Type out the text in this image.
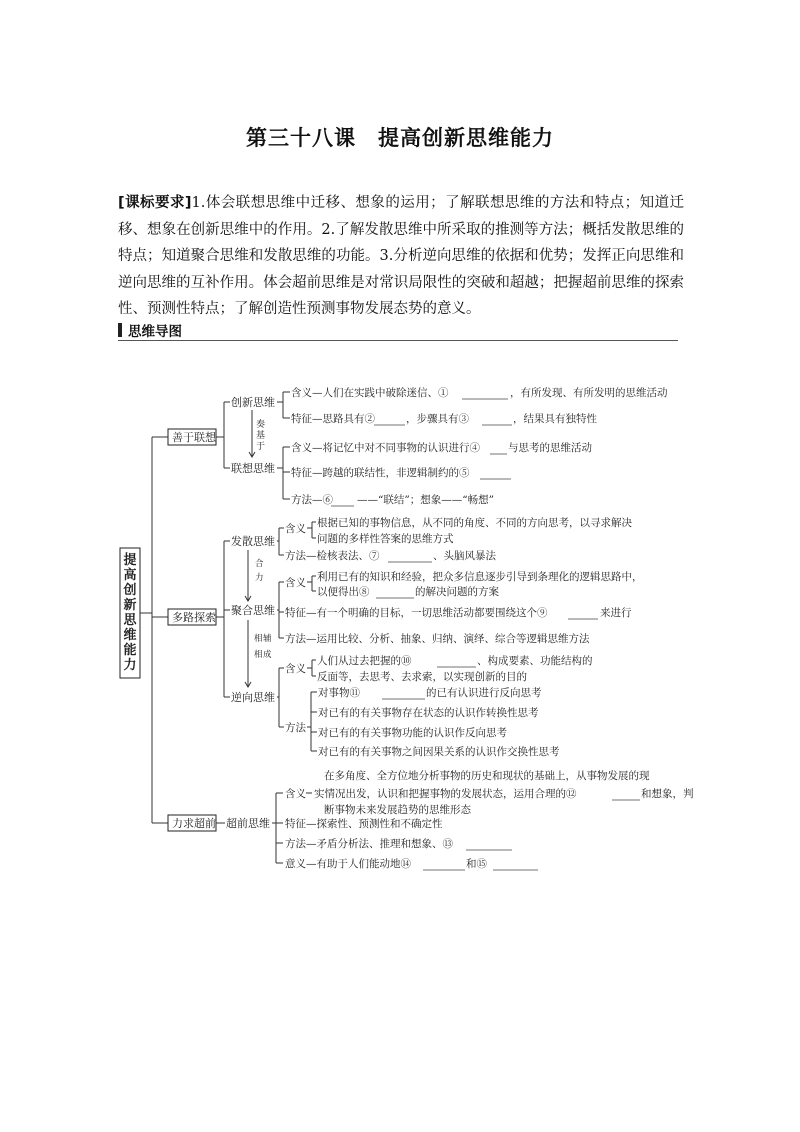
第三十八课　提高创新思维能力
[课标要求]1.体会联想思维中迁移、想象的运用；了解联想思维的方法和特点；知道迁移、想象在创新思维中的作用。2.了解发散思维中所采取的推测等方法；概括发散思维的特点；知道聚合思维和发散思维的功能。3.分析逆向思维的依据和优势；发挥正向思维和逆向思维的互补作用。体会超前思维是对常识局限性的突破和超越；把握超前思维的探索性、预测性特点；了解创造性预测事物发展态势的意义。
思维导图
提
高
创
新
思
维
能
力
善于联想
多路探索
力求超前
创新思维
联想思维
奏
基
于
含义—人们在实践中破除迷信、①	，有所发现、有所发明的思维活动
特征—思路具有②	，步骤具有③	，结果具有独特性
含义—将记忆中对不同事物的认识进行④	与思考的思维活动
特征—跨越的联结性，非逻辑制约的⑤
方法—⑥ ——“联结”；想象——“畅想”
发散思维
聚合思维
逆向思维
合
力
相 辅
相 成
含义 根据已知的事物信息，从不同的角度、不同的方向思考，以寻求解决
问题的多样性答案的思维方式
方法—检核表法、⑦	、头脑风暴法
含义 利用已有的知识和经验，把众多信息逐步引导到条理化的逻辑思路中，
以便得出⑧	的解决问题的方案
特征—有一个明确的目标，一切思维活动都要围绕这个⑨	来进行
方法—运用比较、分析、抽象、归纳、演绎、综合等逻辑思维方法
含义
人们从过去把握的⑩	、构成要素、功能结构的
反面等，去思考、去求索，以实现创新的目的
方法
对事物⑪	的已有认识进行反向思考
对已有的有关事物存在状态的认识作转换性思考
对已有的有关事物功能的认识作反向思考
对已有的有关事物之间因果关系的认识作交换性思考
超前思维
含义
在多角度、全方位地分析事物的历史和现状的基础上，从事物发展的现
实情况出发，认识和把握事物的发展状态，运用合理的⑫	和想象，判
断事物未来发展趋势的思维形态
特征—探索性、预测性和不确定性
方法—矛盾分析法、推理和想象、⑬
意义—有助于人们能动地⑭	和⑮
